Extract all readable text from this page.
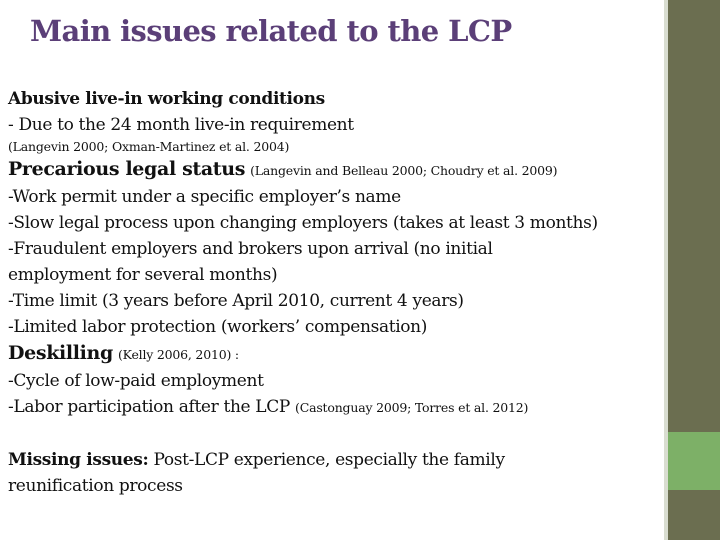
Main issues related to the LCP

Abusive live-in working conditions

- Due to the 24 month live-in requirement

(Langevin 2000; Oxman-Martinez et al. 2004)

Precarious legal status (Langevin and Belleau 2000; Choudry et al. 2009)

-Work permit under a specific employer’s name

-Slow legal process upon changing employers (takes at least 3 months)

-Fraudulent employers and brokers upon arrival (no initial employment for several months)

-Time limit (3 years before April 2010, current 4 years)

-Limited labor protection (workers’ compensation)

Deskilling (Kelly 2006, 2010) :

-Cycle of low-paid employment

-Labor participation after the LCP (Castonguay 2009; Torres et al. 2012)

Missing issues: Post-LCP experience, especially the family reunification process
